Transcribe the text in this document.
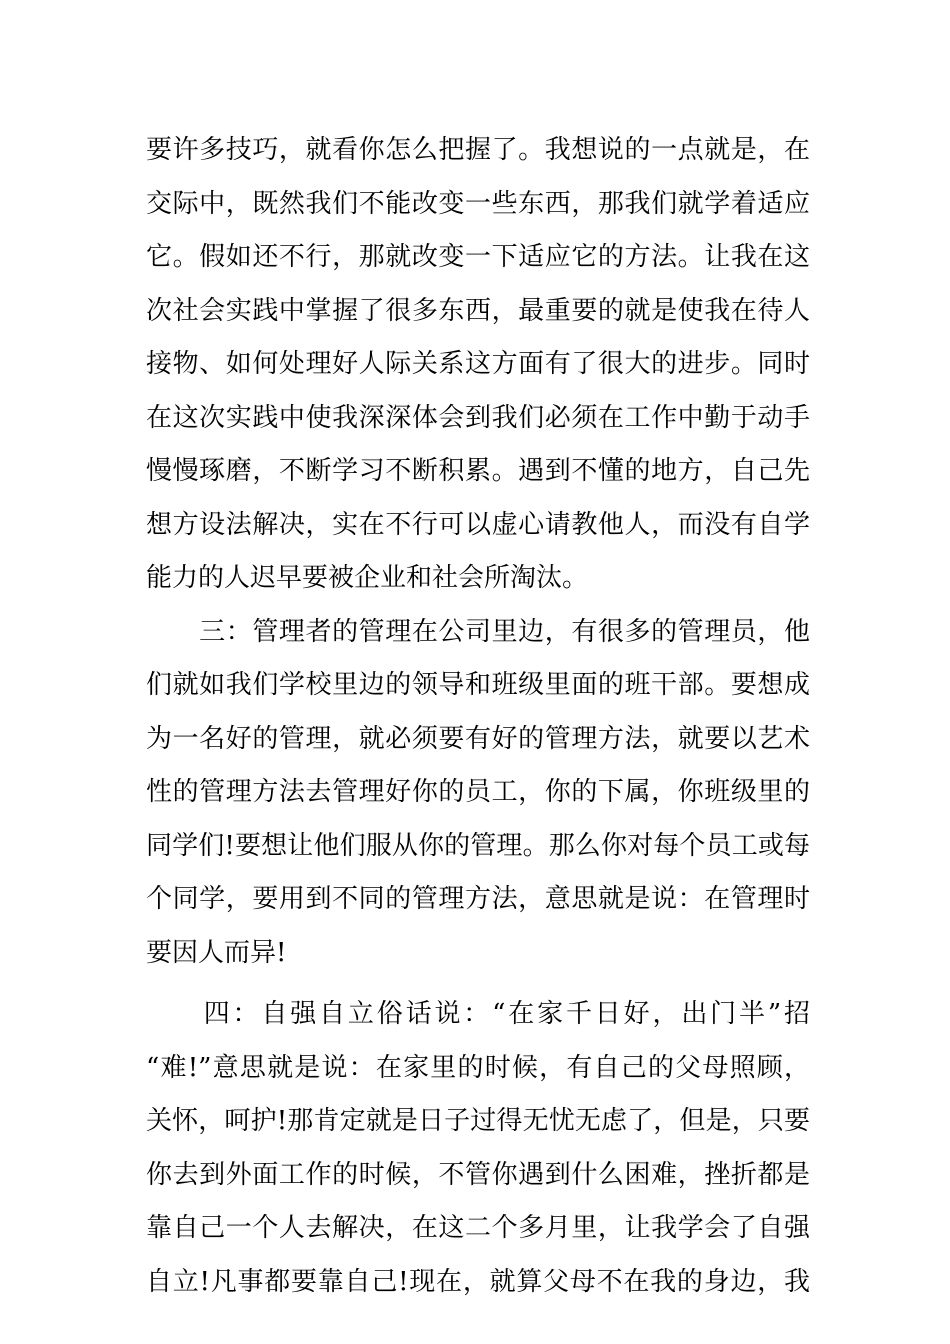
要许多技巧，就看你怎么把握了。我想说的一点就是，在
交际中，既然我们不能改变一些东西，那我们就学着适应
它。假如还不行，那就改变一下适应它的方法。让我在这
次社会实践中掌握了很多东西，最重要的就是使我在待人
接物、如何处理好人际关系这方面有了很大的进步。同时
在这次实践中使我深深体会到我们必须在工作中勤于动手
慢慢琢磨，不断学习不断积累。遇到不懂的地方，自己先
想方设法解决，实在不行可以虚心请教他人，而没有自学
能力的人迟早要被企业和社会所淘汰。
　　三：管理者的管理在公司里边，有很多的管理员，他
们就如我们学校里边的领导和班级里面的班干部。要想成
为一名好的管理，就必须要有好的管理方法，就要以艺术
性的管理方法去管理好你的员工，你的下属，你班级里的
同学们!要想让他们服从你的管理。那么你对每个员工或每
个同学，要用到不同的管理方法，意思就是说：在管理时
要因人而异!
　　四：自强自立俗话说：“在家千日好，出门半”招
“难!”意思就是说：在家里的时候，有自己的父母照顾，
关怀，呵护!那肯定就是日子过得无忧无虑了，但是，只要
你去到外面工作的时候，不管你遇到什么困难，挫折都是
靠自己一个人去解决，在这二个多月里，让我学会了自强
自立!凡事都要靠自己!现在，就算父母不在我的身边，我
